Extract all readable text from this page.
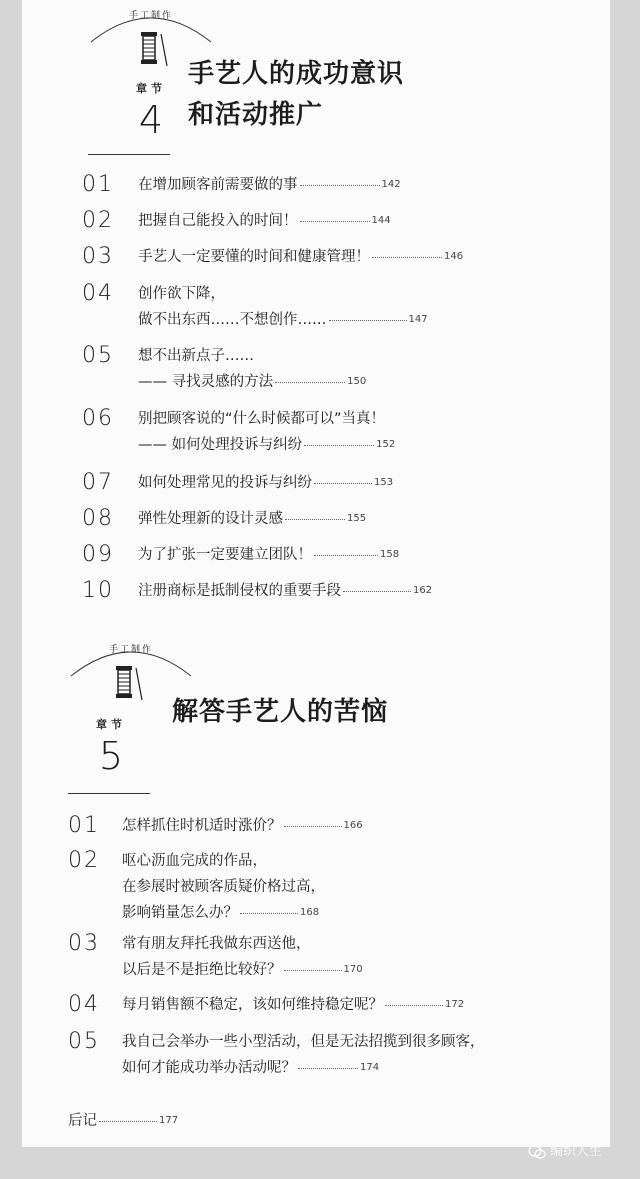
手工制作
章节
4
手艺人的成功意识
和活动推广
01 在增加顾客前需要做的事	142
02 把握自己能投入的时间！	144
03 手艺人一定要懂的时间和健康管理！	146
04 创作欲下降，
做不出东西……不想创作……	147
05 想不出新点子……
—— 寻找灵感的方法	150
06 别把顾客说的“什么时候都可以”当真！
—— 如何处理投诉与纠纷	152
07 如何处理常见的投诉与纠纷	153
08 弹性处理新的设计灵感	155
09 为了扩张一定要建立团队！	158
10 注册商标是抵制侵权的重要手段	162
手工制作
章节
5
解答手艺人的苦恼
01 怎样抓住时机适时涨价？	166
02 呕心沥血完成的作品，
在参展时被顾客质疑价格过高，
影响销量怎么办？	168
03 常有朋友拜托我做东西送他，
以后是不是拒绝比较好？	170
04 每月销售额不稳定，该如何维持稳定呢？	172
05 我自己会举办一些小型活动，但是无法招揽到很多顾客，
如何才能成功举办活动呢？	174
后记	177
编织人生
